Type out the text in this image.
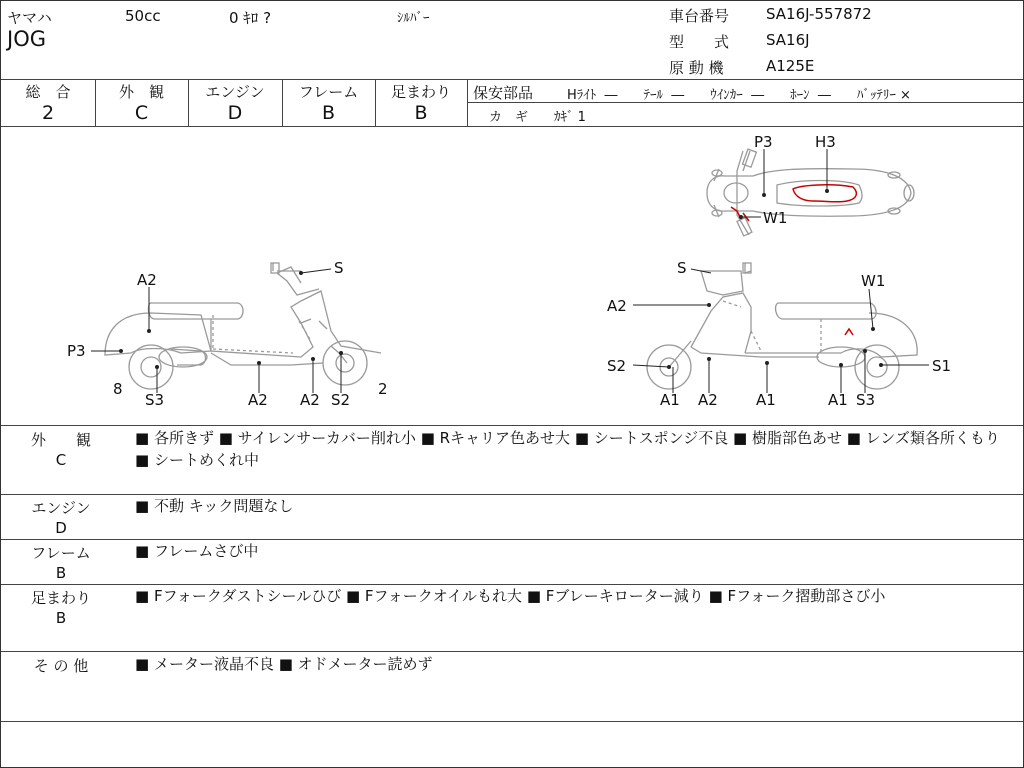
ヤマハ
JOG
50cc	0 ｷﾛ ?	ｼﾙﾊﾞｰ	車台番号 SA16J-557872
型　　式 SA16J
原 動 機	A125E
総　合
2
外　観
C
エンジン
D
フレーム
B
足まわり
B
保安部品	Hﾗｲﾄ  ―　　ﾃｰﾙ  ―　　ｳｲﾝｶｰ  ―　　ﾎｰﾝ  ―　　ﾊﾞｯﾃﾘｰ ×
カ　ギ　　ｶｷﾞ 1
P3	H3
W1
A2
S
P3
8
S3	A2 A2 S2
2
S
W1
A2
S2
A1 A2	A1	A1 S3
S1
外　　観
C
■ 各所きず ■ サイレンサーカバー削れ小 ■ Rキャリア色あせ大 ■ シートスポンジ不良 ■ 樹脂部色あせ ■ レンズ類各所くもり ■ シートめくれ中
エンジン
D
■ 不動 キック問題なし
フレーム
B
■ フレームさび中
足まわり
B
■ Fフォークダストシールひび ■ Fフォークオイルもれ大 ■ Fブレーキローター減り ■ Fフォーク摺動部さび小
そ の 他	■ メーター液晶不良 ■ オドメーター読めず
